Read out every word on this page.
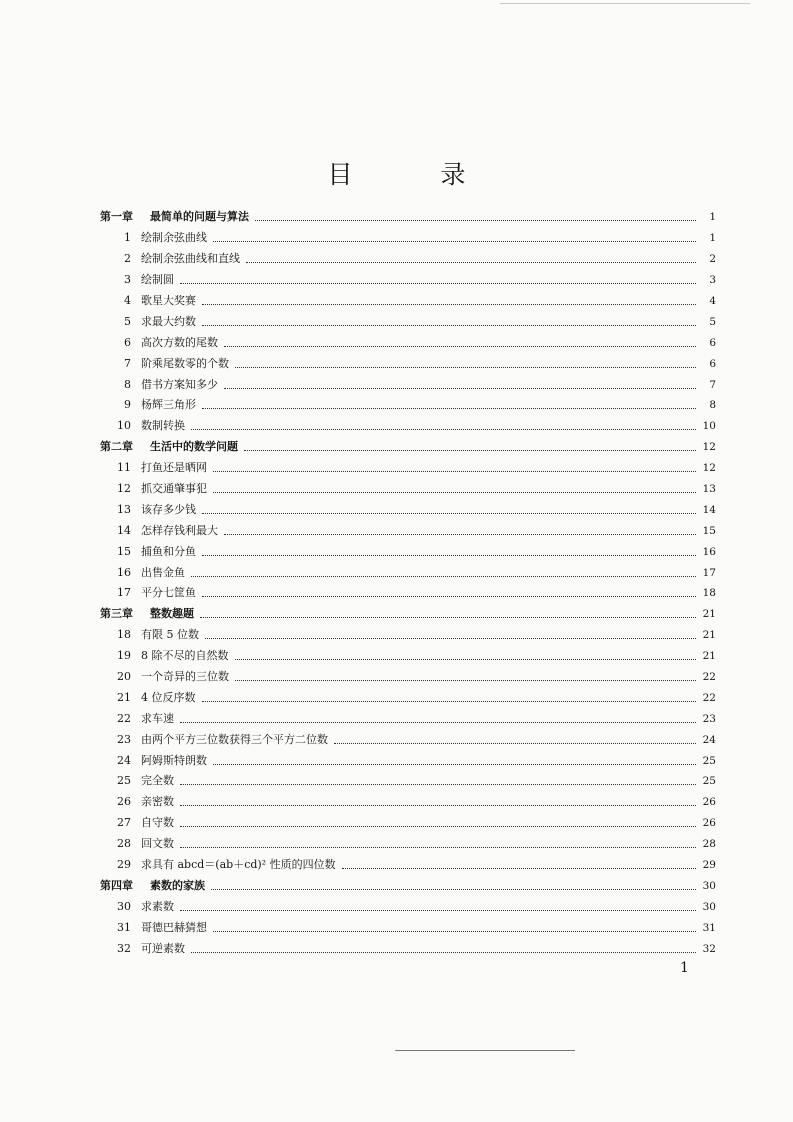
目 录
第一章	最简单的问题与算法	1
1 绘制余弦曲线	1
2 绘制余弦曲线和直线	2
3 绘制圆	3
4 歌星大奖赛	4
5 求最大约数	5
6 高次方数的尾数	6
7 阶乘尾数零的个数	6
8 借书方案知多少	7
9 杨辉三角形	8
10 数制转换	10
第二章	生活中的数学问题	12
11 打鱼还是晒网	12
12 抓交通肇事犯	13
13 该存多少钱	14
14 怎样存钱利最大	15
15 捕鱼和分鱼	16
16 出售金鱼	17
17 平分七筐鱼	18
第三章	整数趣题	21
18 有限 5 位数	21
19 8 除不尽的自然数	21
20 一个奇异的三位数	22
21 4 位反序数	22
22 求车速	23
23 由两个平方三位数获得三个平方二位数	24
24 阿姆斯特朗数	25
25 完全数	25
26 亲密数	26
27 自守数	26
28 回文数	28
29 求具有 abcd＝(ab＋cd)² 性质的四位数	29
第四章	素数的家族	30
30 求素数	30
31 哥德巴赫猜想	31
32 可逆素数	32
1
